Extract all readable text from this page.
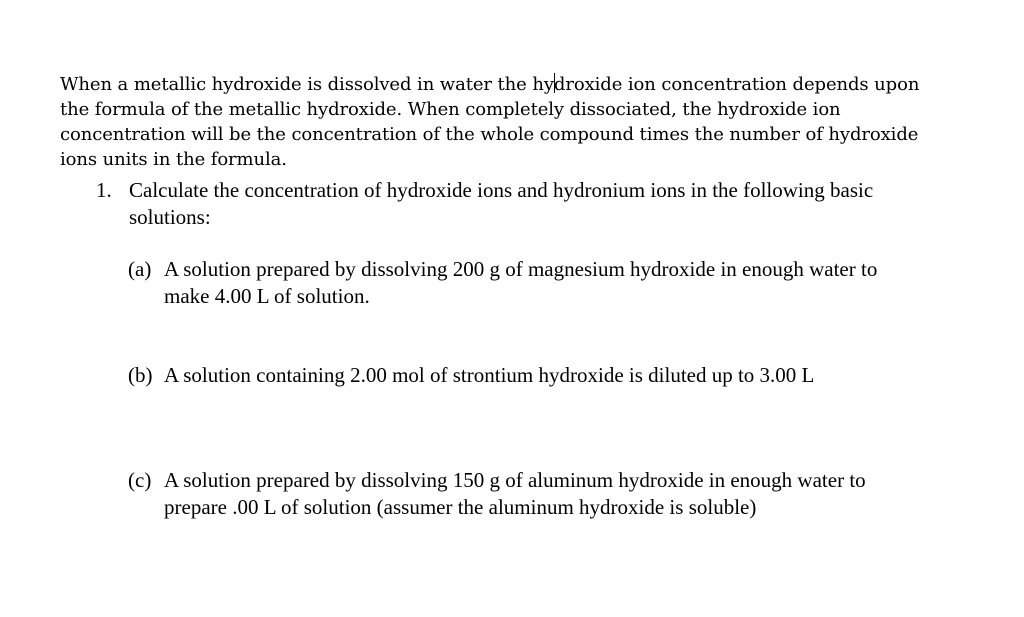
When a metallic hydroxide is dissolved in water the hydroxide ion concentration depends upon
the formula of the metallic hydroxide. When completely dissociated, the hydroxide ion
concentration will be the concentration of the whole compound times the number of hydroxide
ions units in the formula.
1. Calculate the concentration of hydroxide ions and hydronium ions in the following basic
solutions:
(a) A solution prepared by dissolving 200 g of magnesium hydroxide in enough water to
make 4.00 L of solution.
(b) A solution containing 2.00 mol of strontium hydroxide is diluted up to 3.00 L
(c) A solution prepared by dissolving 150 g of aluminum hydroxide in enough water to
prepare .00 L of solution (assumer the aluminum hydroxide is soluble)
